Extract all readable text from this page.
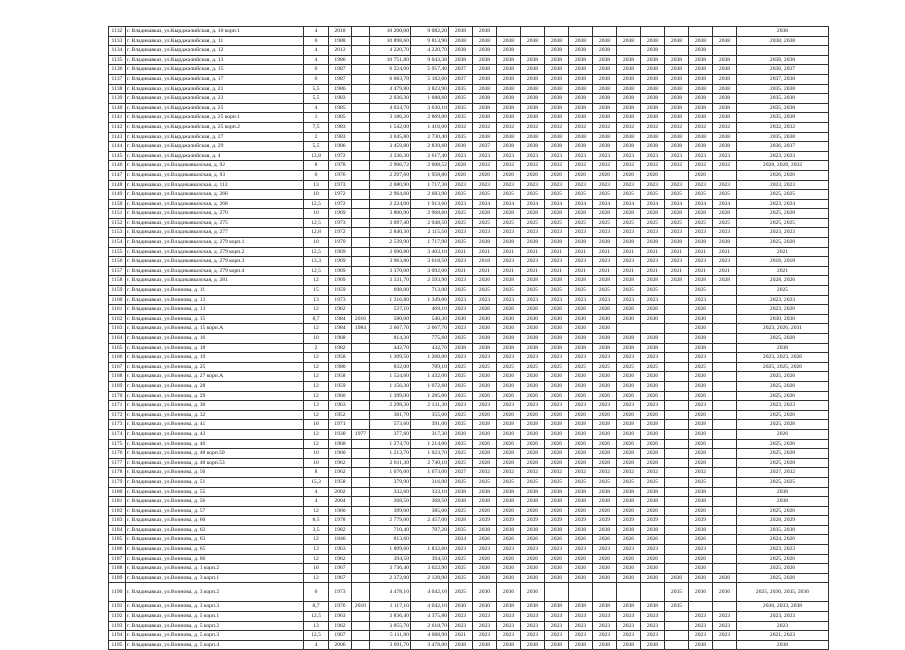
1132	г. Владикавказ, ул.Кырджалийская, д. 10 корп.1	4	2018		10 200,00	9 082,20	2038	2038											2038
1133	г. Владикавказ, ул.Кырджалийская, д. 11	6	1988		10 898,60	9 813,90	2038	2038	2038	2038	2038	2038	2038	2038	2038	2038	2038	2038	2038, 2038
1134	г. Владикавказ, ул.Кырджалийская, д. 12	4	2012		4 220,70	4 220,70	2038	2038	2038		2038	2038	2038		2038		2038		
1135	г. Владикавказ, ул.Кырджалийская, д. 13	4	1986		10 751,80	9 043,30	2038	2038	2038	2038	2038	2038	2038	2038	2038	2038	2038	2038	2038, 2038
1136	г. Владикавказ, ул.Кырджалийская, д. 15	6	1987		6 224,00	5 957,40	2037	2038	2038	2038	2038	2038	2038	2038	2038	2038	2038	2038	2036, 2037
1137	г. Владикавказ, ул.Кырджалийская, д. 17	6	1987		6 083,70	5 182,60	2037	2038	2038	2038	2038	2038	2038	2038	2038	2038	2038	2038	2037, 2038
1138	г. Владикавказ, ул.Кырджалийская, д. 21	5,5	1986		4 479,80	3 823,90	2035	2038	2038	2038	2038	2038	2038	2038	2038	2038	2038	2038	2035, 2038
1139	г. Владикавказ, ул.Кырджалийская, д. 23	5,5	1983		2 036,30	1 688,60	2035	2038	2038	2038	2038	2038	2038	2038	2038	2038	2038	2038	2035, 2038
1140	г. Владикавказ, ул.Кырджалийская, д. 25	4	1985		4 024,70	3 630,10	2035	2038	2038	2038	2038	2038	2038	2038	2038	2038	2038	2038	2035, 2038
1141	г. Владикавказ, ул.Кырджалийская, д. 25 корп.1	1	1985		3 186,20	2 869,00	2035	2038	2038	2038	2038	2038	2038	2038	2038	2038	2038	2038	2035, 2038
1142	г. Владикавказ, ул.Кырджалийская, д. 25 корп.2	7,5	1983		1 542,00	1 416,00	2032	2032	2032	2032	2032	2032	2032	2032	2032	2032	2032	2032	2032, 2032
1143	г. Владикавказ, ул.Кырджалийская, д. 27	2	1983		3 045,80	2 730,40	2035	2038	2038	2038	2038	2038	2038	2038	2038	2038	2038	2038	2035, 2038
1144	г. Владикавказ, ул.Кырджалийская, д. 29	5,5	1986		3 459,80	2 839,60	2036	2037	2038	2038	2038	2038	2038	2038	2038	2038	2038	2038	2036, 2037
1145	г. Владикавказ, ул.Кырджалийская, д. 4	12,8	1972		3 336,30	2 617,40	2023	2023	2023	2023	2023	2023	2023	2023	2023	2023	2023	2023	2023, 2023
1146	г. Владикавказ, ул.Владикавказская, д. 92	8	1978		2 906,72	2 608,52	2028	2032	2032	2032	2032	2032	2032	2032	2032	2032	2032	2032	2028, 2028, 2032
1147	г. Владикавказ, ул.Владикавказская, д. 93	6	1976		2 297,60	1 958,80	2026	2026	2026	2026	2026	2026	2026	2026	2026		2026		2026, 2026
1148	г. Владикавказ, ул.Владикавказская, д. 112	13	1973		2 680,90	1 717,30	2023	2023	2023	2023	2023	2023	2023	2023	2023	2023	2023	2023	2023, 2023
1149	г. Владикавказ, ул.Владикавказская, д. 266	10	1972		2 964,60	2 683,90	2025	2025	2025	2025	2025	2025	2025	2025	2025	2025	2025	2025	2025, 2025
1150	г. Владикавказ, ул.Владикавказская, д. 268	12,5	1972		2 224,00	1 913,60	2023	2024	2024	2024	2024	2024	2024	2024	2024	2024	2024	2024	2023, 2024
1151	г. Владикавказ, ул.Владикавказская, д. 270	10	1969		3 800,90	2 968,60	2025	2028	2028	2028	2028	2028	2028	2028	2028	2028	2028	2028	2025, 2028
1152	г. Владикавказ, ул.Владикавказская, д. 275	12,5	1973		3 097,40	2 948,50	2025	2025	2025	2025	2025	2025	2025	2025	2025	2025	2025	2025	2025, 2025
1153	г. Владикавказ, ул.Владикавказская, д. 277	12,8	1972		2 840,30	2 115,50	2023	2023	2023	2023	2023	2023	2023	2023	2023	2023	2023	2023	2023, 2023
1154	г. Владикавказ, ул.Владикавказская, д. 279 корп.1	10	1970		2 539,90	1 717,90	2025	2028	2028	2028	2028	2028	2028	2028	2028	2028	2028	2028	2025, 2028
1155	г. Владикавказ, ул.Владикавказская, д. 279 корп.2	12,5	1969		3 690,80	3 403,10	2021	2021	2021	2021	2021	2021	2021	2021	2021	2021	2021	2021	2021
1156	г. Владикавказ, ул.Владикавказская, д. 279 корп.3	13,3	1969		3 963,80	3 618,50	2023	2018	2023	2023	2023	2023	2023	2023	2023	2023	2023	2023	2018, 2018
1157	г. Владикавказ, ул.Владикавказская, д. 279 корп.4	12,5	1969		3 370,00	3 092,00	2021	2021	2021	2021	2021	2021	2021	2021	2021	2021	2021	2021	2021
1158	г. Владикавказ, ул.Владикавказская, д. 281	12	1969		3 331,70	2 593,90	2023	2026	2028	2028	2028	2028	2028	2028	2028	2028	2028	2028	2028, 2026
1159	г. Владикавказ, ул.Воинова, д. 11	15	1959		698,00	713,00	2025	2025	2025	2025	2025	2025	2025	2025	2025		2025		2025
1160	г. Владикавказ, ул.Воинова, д. 13	13	1973		1 316,80	1 349,00	2023	2023	2023	2023	2023	2023	2023	2023	2023		2023		2023, 2023
1161	г. Владикавказ, ул.Воинова, д. 13	12	1962		537,10	469,10	2023	2026	2026	2026	2026	2026	2026	2026	2026		2026		2023, 2026
1162	г. Владикавказ, ул.Воинова, д. 15	8,7	1984	2016	580,00	540,30	2030	2030	2030	2030	2030	2030	2030	2030	2030		2030		2030, 2030
1163	г. Владикавказ, ул.Воинова, д. 15 корп.А	12	1984	1984	2 667,70	2 667,70	2023	2026	2026	2026	2026	2026	2026				2026		2023, 2026, 2031
1164	г. Владикавказ, ул.Воинова, д. 16	10	1968		814,30	775,60	2025	2028	2028	2028	2028	2028	2028	2028	2028		2028		2025, 2028
1165	г. Владикавказ, ул.Воинова, д. 18	2	1982		442,70	432,70	2038	2038	2038	2038	2038	2038	2038	2038	2038		2038		2038
1166	г. Владикавказ, ул.Воинова, д. 19	12	1958		1 309,50	1 260,00	2023	2023	2023	2023	2023	2023	2023	2023	2023		2023		2023, 2023, 2026
1167	г. Владикавказ, ул.Воинова, д. 25	12	1980		832,00	789,10	2025	2025	2025	2025	2025	2025	2025	2025	2025		2025		2025, 2025, 2026
1168	г. Владикавказ, ул.Воинова, д. 27 корп.А	12	1958		1 524,60	1 432,00	2025	2026	2026	2026	2026	2026	2026	2026	2026		2026		2025, 2026
1169	г. Владикавказ, ул.Воинова, д. 28	12	1959		1 156,30	1 072,60	2025	2026	2026	2026	2026	2026	2026	2026	2026		2026		2025, 2026
1170	г. Владикавказ, ул.Воинова, д. 29	12	1960		1 399,00	1 285,00	2025	2026	2026	2026	2026	2026	2026	2026	2026		2026		2025, 2026
1171	г. Владикавказ, ул.Воинова, д. 30	13	1963		2 298,30	2 131,30	2023	2023	2023	2023	2023	2023	2023	2023	2023		2023		2023, 2023
1172	г. Владикавказ, ул.Воинова, д. 32	12	1952		381,70	355,00	2025	2026	2026	2026	2026	2026	2026	2026	2026		2026		2025, 2026
1173	г. Владикавказ, ул.Воинова, д. 41	10	1971		573,60	391,00	2025	2028	2028	2028	2028	2028	2028	2028	2028		2028		2025, 2028
1174	г. Владикавказ, ул.Воинова, д. 43	12	1930	1977	377,60	317,30	2026	2026	2026	2026	2026	2026	2026	2026	2026		2026		2026
1175	г. Владикавказ, ул.Воинова, д. 46	12	1968		1 274,70	1 214,00	2025	2026	2026	2026	2026	2026	2026	2026	2026		2026		2025, 2026
1176	г. Владикавказ, ул.Воинова, д. 48 корп.50	10	1960		1 213,70	1 023,70	2025	2028	2028	2028	2028	2028	2028	2028	2028		2028		2025, 2028
1177	г. Владикавказ, ул.Воинова, д. 48 корп.53	10	1962		2 811,30	2 740,10	2025	2028	2028	2028	2028	2028	2028	2028	2028		2028		2025, 2028
1178	г. Владикавказ, ул.Воинова, д. 50	8	1962		1 676,00	1 673,00	2027	2032	2032	2032	2032	2032	2032	2032	2032		2032		2027, 2032
1179	г. Владикавказ, ул.Воинова, д. 51	15,3	1958		379,90	316,00	2025	2025	2025	2025	2025	2025	2025	2025	2025		2025		2025, 2025
1180	г. Владикавказ, ул.Воинова, д. 55	4	2002		332,60	333,10	2038	2038	2038	2038	2038	2038	2038	2038	2038		2038		2038
1181	г. Владикавказ, ул.Воинова, д. 56	4	2004		368,50	368,50	2038	2038	2038	2038	2038	2038	2038	2038	2038		2038		2038
1182	г. Владикавказ, ул.Воинова, д. 57	12	1960		399,00	385,00	2025	2026	2026	2026	2026	2026	2026	2026	2026		2026		2025, 2026
1183	г. Владикавказ, ул.Воинова, д. 60	8,5	1978		2 779,00	2 457,00	2028	2029	2029	2029	2029	2029	2029	2029	2029		2029		2028, 2029
1184	г. Владикавказ, ул.Воинова, д. 62	3,5	1982		710,40	707,20	2035	2038	2038	2038	2038	2038	2038	2038	2038		2038		2035, 2038
1185	г. Владикавказ, ул.Воинова, д. 63	12	1846		813,60		2024	2026	2026	2026	2026	2026	2026	2026	2026		2026		2024, 2026
1186	г. Владикавказ, ул.Воинова, д. 65	13	1963		1 809,60	1 832,60	2023	2023	2023	2023	2023	2023	2023	2023	2023		2023		2023, 2023
1187	г. Владикавказ, ул.Воинова, д. 66	12	1962		394,50	394,50	2025	2026	2026	2026	2026	2026	2026	2026	2026		2026		2025, 2026
1188	г. Владикавказ, ул.Воинова, д. 1 корп.2	10	1967		3 736,40	3 622,90	2025	2026	2026	2026	2026	2026	2026	2026	2026		2026		2025, 2026
1189	г. Владикавказ, ул.Воинова, д. 3 корп.1	12	1967		2 372,00	2 128,90	2025	2026	2026	2026	2026	2026	2026	2026	2026	2026	2026	2026	2025, 2026
1190	г. Владикавказ, ул.Воинова, д. 3 корп.2	6	1973		4 478,10	4 042,10	2025	2030	2036	2036						2035	2036	2036	2025, 2030, 2035, 2036
1191	г. Владикавказ, ул.Воинова, д. 3 корп.3	8,7	1976	2010	1 117,10	4 042,10	2030	2030	2038	2038	2038	2038	2038	2038	2038	2035			2030, 2033, 2038
1192	г. Владикавказ, ул.Воинова, д. 5 корп.1	12,5	1963		3 836,40	4 375,80	2023	2023	2024	2024	2024	2024	2024	2024	2024		2023	2023	2023, 2023
1193	г. Владикавказ, ул.Воинова, д. 5 корп.2	13	1962		3 055,70	2 618,70	2023	2023	2023	2023	2023	2023	2023	2023	2023		2023	2023	2023
1194	г. Владикавказ, ул.Воинова, д. 5 корп.3	12,5	1967		5 111,80	4 688,90	2021	2023	2023	2023	2023	2023	2023	2023	2023		2023	2023	2021, 2023
1195	г. Владикавказ, ул.Воинова, д. 5 корп.4	4	2006		3 691,70	3 478,00	2038	2038	2038	2038	2038	2038	2038	2038	2038		2038		2038
